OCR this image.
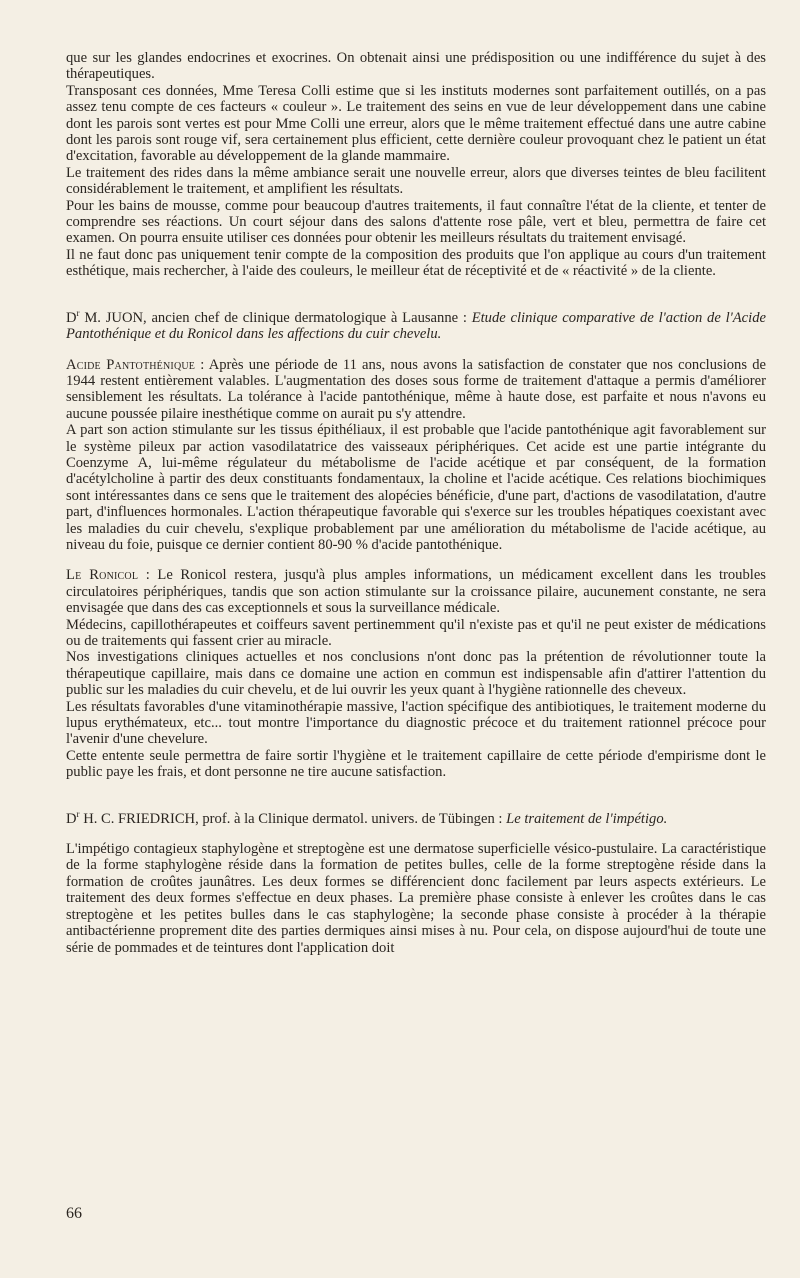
que sur les glandes endocrines et exocrines. On obtenait ainsi une prédisposition ou une indifférence du sujet à des thérapeutiques.

Transposant ces données, Mme Teresa Colli estime que si les instituts modernes sont parfaitement outillés, on a pas assez tenu compte de ces facteurs « couleur ». Le traitement des seins en vue de leur développement dans une cabine dont les parois sont vertes est pour Mme Colli une erreur, alors que le même traitement effectué dans une autre cabine dont les parois sont rouge vif, sera certainement plus efficient, cette dernière couleur provoquant chez le patient un état d'excitation, favorable au développement de la glande mammaire.

Le traitement des rides dans la même ambiance serait une nouvelle erreur, alors que diverses teintes de bleu facilitent considérablement le traitement, et amplifient les résultats.

Pour les bains de mousse, comme pour beaucoup d'autres traitements, il faut connaître l'état de la cliente, et tenter de comprendre ses réactions. Un court séjour dans des salons d'attente rose pâle, vert et bleu, permettra de faire cet examen. On pourra ensuite utiliser ces données pour obtenir les meilleurs résultats du traitement envisagé.

Il ne faut donc pas uniquement tenir compte de la composition des produits que l'on applique au cours d'un traitement esthétique, mais rechercher, à l'aide des couleurs, le meilleur état de réceptivité et de « réactivité » de la cliente.

$D^r$ M. JUON, ancien chef de clinique dermatologique à Lausanne : Etude clinique comparative de l'action de l'Acide Pantothénique et du Ronicol dans les affections du cuir chevelu.

Acide Pantothénique : Après une période de 11 ans, nous avons la satisfaction de constater que nos conclusions de 1944 restent entièrement valables. L'augmentation des doses sous forme de traitement d'attaque a permis d'améliorer sensiblement les résultats. La tolérance à l'acide pantothénique, même à haute dose, est parfaite et nous n'avons eu aucune poussée pilaire inesthétique comme on aurait pu s'y attendre.

A part son action stimulante sur les tissus épithéliaux, il est probable que l'acide pantothénique agit favorablement sur le système pileux par action vasodilatatrice des vaisseaux périphériques. Cet acide est une partie intégrante du Coenzyme A, lui-même régulateur du métabolisme de l'acide acétique et par conséquent, de la formation d'acétylcholine à partir des deux constituants fondamentaux, la choline et l'acide acétique. Ces relations biochimiques sont intéressantes dans ce sens que le traitement des alopécies bénéficie, d'une part, d'actions de vasodilatation, d'autre part, d'influences hormonales. L'action thérapeutique favorable qui s'exerce sur les troubles hépatiques coexistant avec les maladies du cuir chevelu, s'explique probablement par une amélioration du métabolisme de l'acide acétique, au niveau du foie, puisque ce dernier contient 80-90 % d'acide pantothénique.

Le Ronicol : Le Ronicol restera, jusqu'à plus amples informations, un médicament excellent dans les troubles circulatoires périphériques, tandis que son action stimulante sur la croissance pilaire, aucunement constante, ne sera envisagée que dans des cas exceptionnels et sous la surveillance médicale.

Médecins, capillothérapeutes et coiffeurs savent pertinemment qu'il n'existe pas et qu'il ne peut exister de médications ou de traitements qui fassent crier au miracle.

Nos investigations cliniques actuelles et nos conclusions n'ont donc pas la prétention de révolutionner toute la thérapeutique capillaire, mais dans ce domaine une action en commun est indispensable afin d'attirer l'attention du public sur les maladies du cuir chevelu, et de lui ouvrir les yeux quant à l'hygiène rationnelle des cheveux.

Les résultats favorables d'une vitaminothérapie massive, l'action spécifique des antibiotiques, le traitement moderne du lupus erythémateux, etc... tout montre l'importance du diagnostic précoce et du traitement rationnel précoce pour l'avenir d'une chevelure.

Cette entente seule permettra de faire sortir l'hygiène et le traitement capillaire de cette période d'empirisme dont le public paye les frais, et dont personne ne tire aucune satisfaction.

$D^r$ H. C. FRIEDRICH, prof. à la Clinique dermatol. univers. de Tübingen : Le traitement de l'impétigo.

L'impétigo contagieux staphylogène et streptogène est une dermatose superficielle vésico-pustulaire. La caractéristique de la forme staphylogène réside dans la formation de petites bulles, celle de la forme streptogène réside dans la formation de croûtes jaunâtres. Les deux formes se différencient donc facilement par leurs aspects extérieurs. Le traitement des deux formes s'effectue en deux phases. La première phase consiste à enlever les croûtes dans le cas streptogène et les petites bulles dans le cas staphylogène; la seconde phase consiste à procéder à la thérapie antibactérienne proprement dite des parties dermiques ainsi mises à nu. Pour cela, on dispose aujourd'hui de toute une série de pommades et de teintures dont l'application doit

66
